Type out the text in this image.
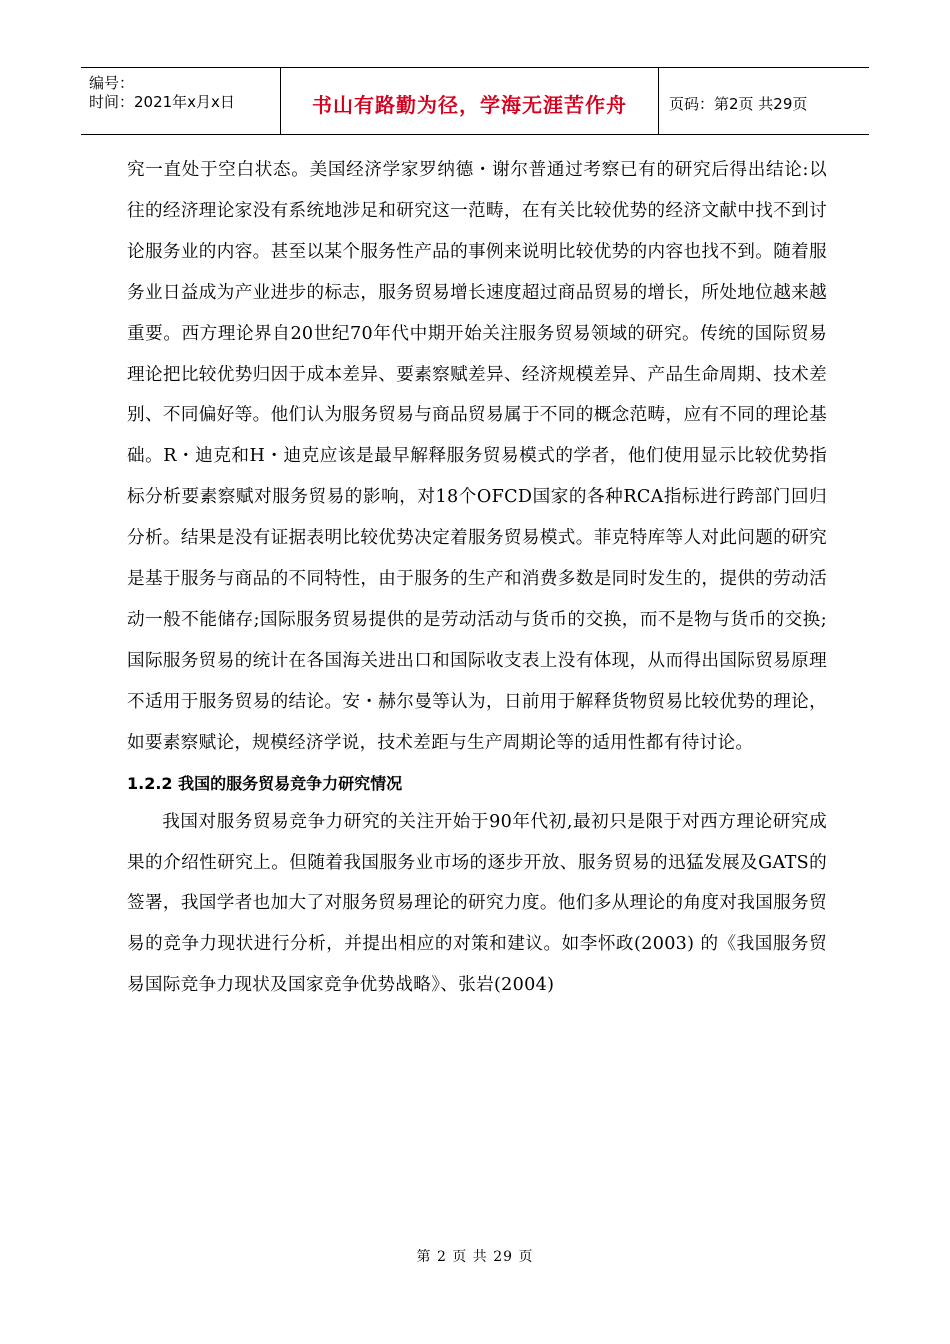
编号：
时间：2021年x月x日	书山有路勤为径，学海无涯苦作舟	页码：第2页 共29页

究一直处于空白状态。美国经济学家罗纳德・谢尔普通过考察已有的研究后得出结论:以往的经济理论家没有系统地涉足和研究这一范畴，在有关比较优势的经济文献中找不到讨论服务业的内容。甚至以某个服务性产品的事例来说明比较优势的内容也找不到。随着服务业日益成为产业进步的标志，服务贸易增长速度超过商品贸易的增长，所处地位越来越重要。西方理论界自20世纪70年代中期开始关注服务贸易领域的研究。传统的国际贸易理论把比较优势归因于成本差异、要素察赋差异、经济规模差异、产品生命周期、技术差别、不同偏好等。他们认为服务贸易与商品贸易属于不同的概念范畴，应有不同的理论基础。R・迪克和H・迪克应该是最早解释服务贸易模式的学者，他们使用显示比较优势指标分析要素察赋对服务贸易的影响，对18个OFCD国家的各种RCA指标进行跨部门回归分析。结果是没有证据表明比较优势决定着服务贸易模式。菲克特库等人对此问题的研究是基于服务与商品的不同特性，由于服务的生产和消费多数是同时发生的，提供的劳动活动一般不能储存;国际服务贸易提供的是劳动活动与货币的交换，而不是物与货币的交换;国际服务贸易的统计在各国海关进出口和国际收支表上没有体现，从而得出国际贸易原理不适用于服务贸易的结论。安・赫尔曼等认为，日前用于解释货物贸易比较优势的理论，如要素察赋论，规模经济学说，技术差距与生产周期论等的适用性都有待讨论。

1.2.2 我国的服务贸易竞争力研究情况

我国对服务贸易竞争力研究的关注开始于90年代初,最初只是限于对西方理论研究成果的介绍性研究上。但随着我国服务业市场的逐步开放、服务贸易的迅猛发展及GATS的签署，我国学者也加大了对服务贸易理论的研究力度。他们多从理论的角度对我国服务贸易的竞争力现状进行分析，并提出相应的对策和建议。如李怀政(2003) 的《我国服务贸易国际竞争力现状及国家竞争优势战略》、张岩(2004)

第 2 页 共 29 页
